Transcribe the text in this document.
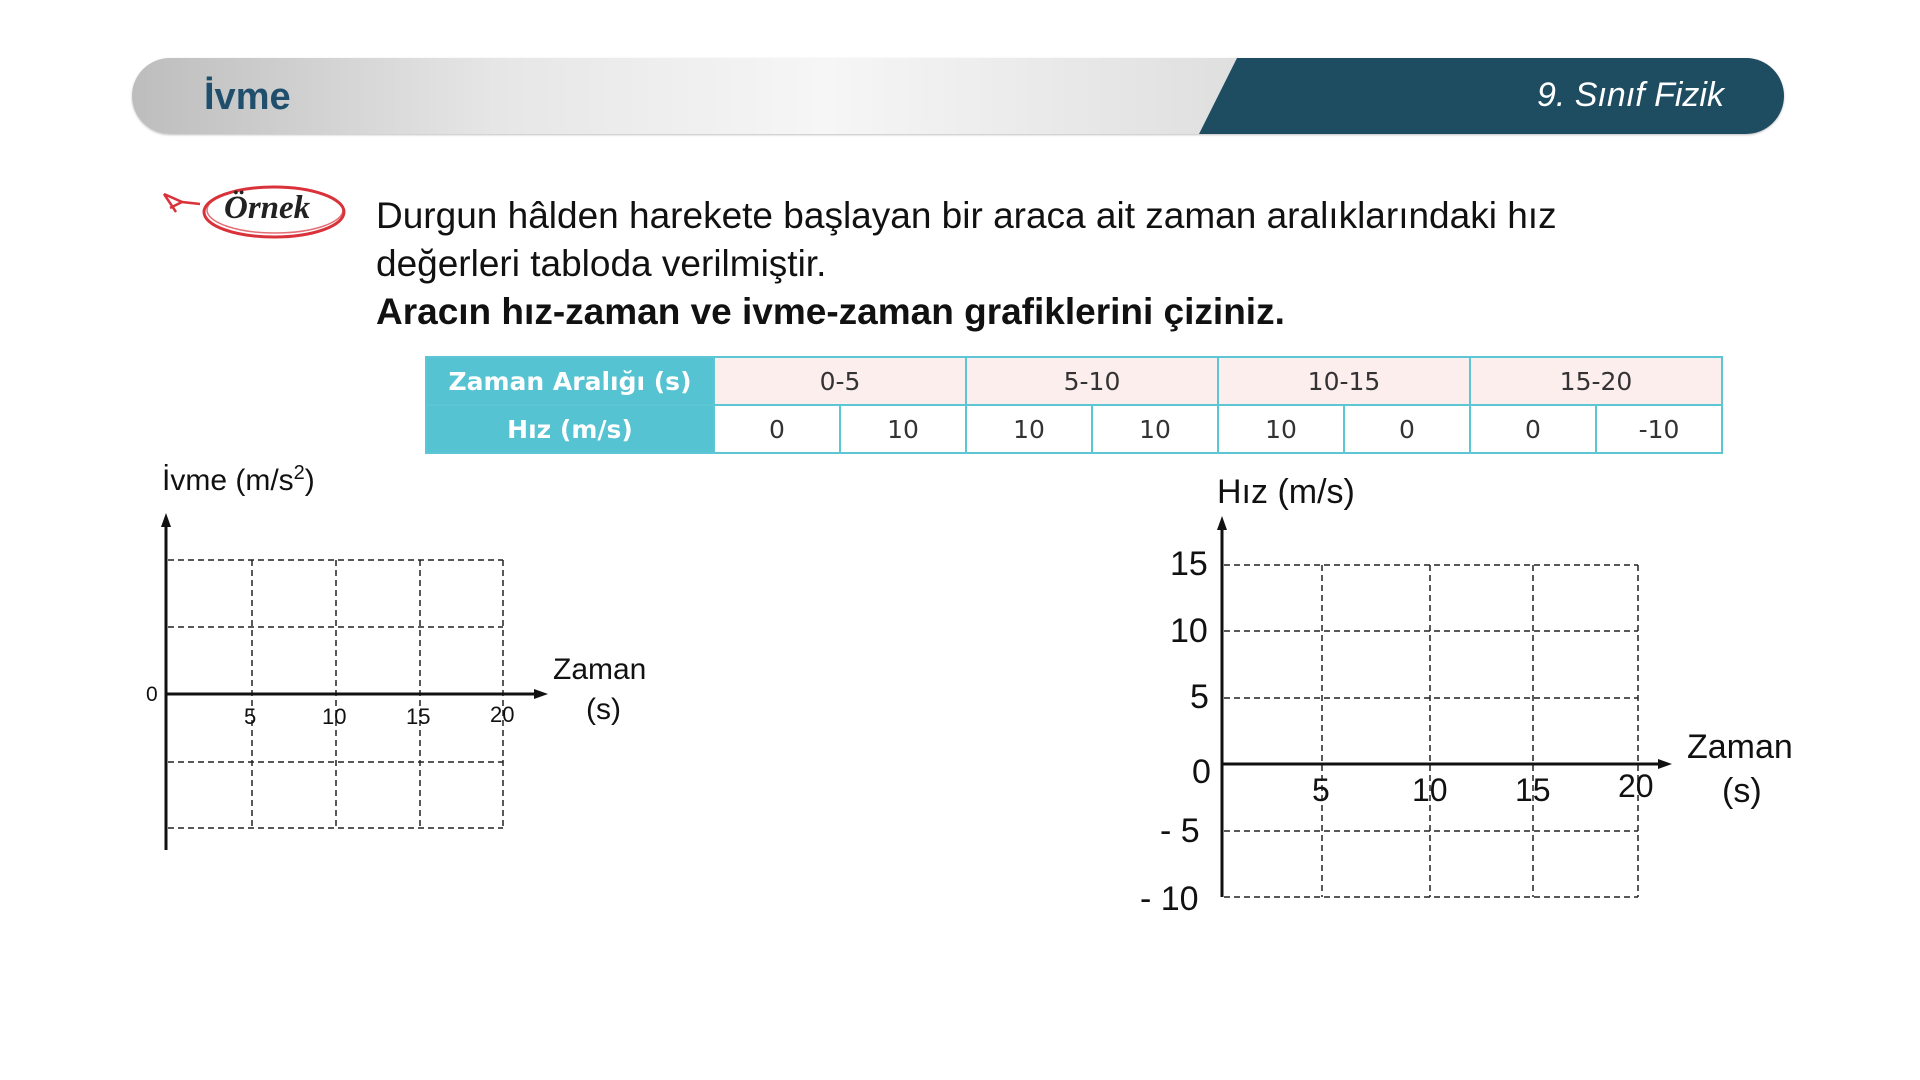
İvme	9. Sınıf Fizik
Örnek Durgun hâlden harekete başlayan bir araca ait zaman aralıklarındaki hız
değerleri tabloda verilmiştir.
Aracın hız-zaman ve ivme-zaman grafiklerini çiziniz.
Zaman Aralığı (s)	0-5		5-10		10-15		15-20	
Hız (m/s)	0	10	10	10	10	0	0	-10
İvme $(m/s^2)$
0
5	10	15	20
Zaman
(s)
Hız (m/s)
15
10
5
0
- 5
- 10
5	10 15 20
Zaman
(s)
